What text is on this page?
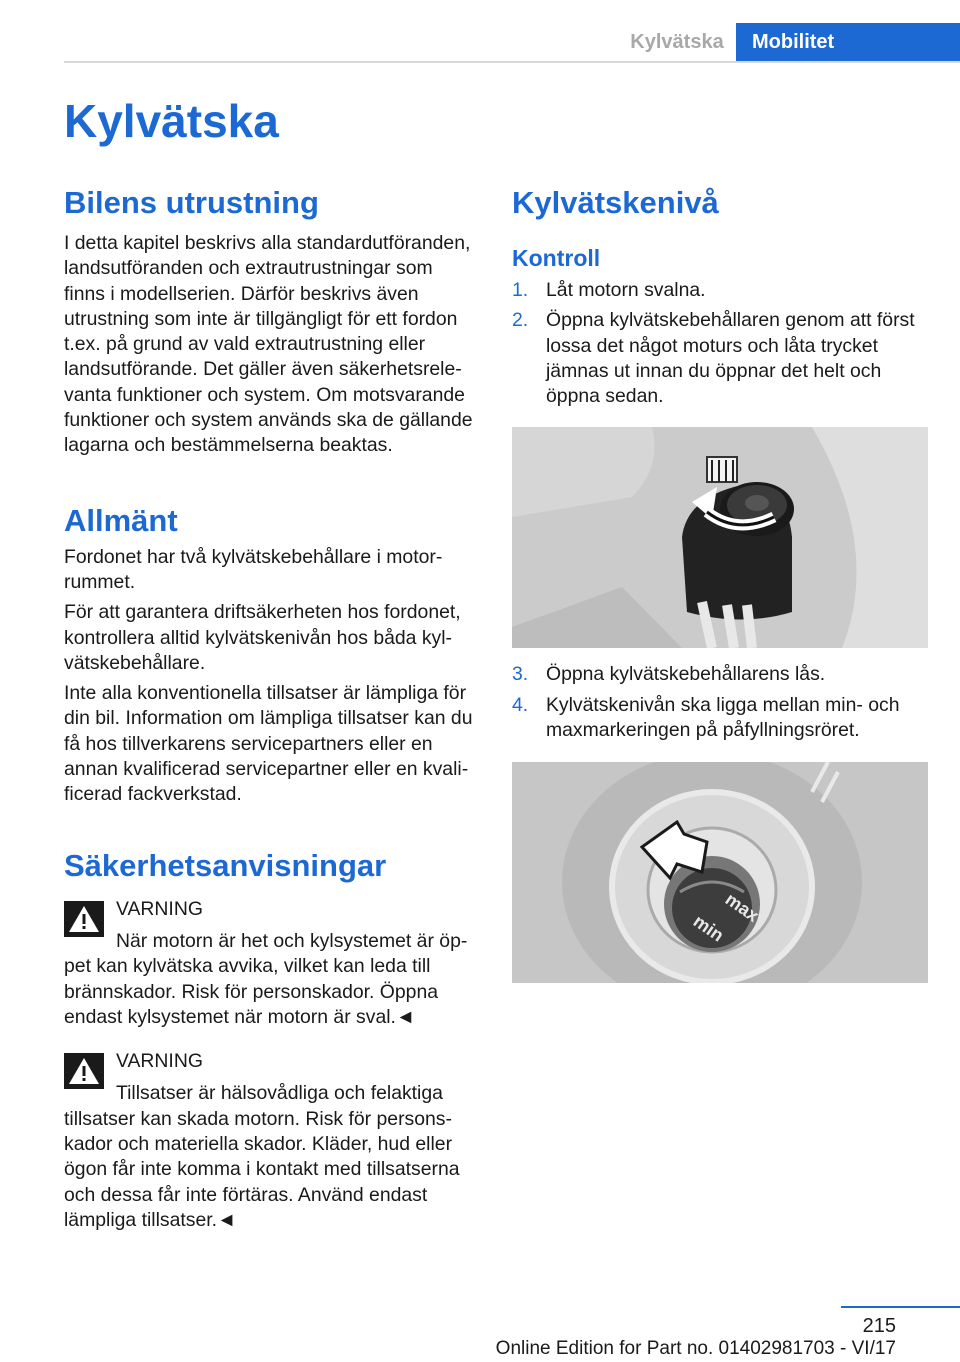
Kylvätska	Mobilitet
Kylvätska
Bilens utrustning

I detta kapitel beskrivs alla standardutföranden, landsutföranden och extrautrustningar som finns i modellserien. Därför beskrivs även utrustning som inte är tillgängligt för ett fordon t.ex. på grund av vald extrautrustning eller landsutförande. Det gäller även säkerhetsrelevanta funktioner och system. Om motsvarande funktioner och system används ska de gällande lagarna och bestämmelserna beaktas.

Allmänt

Fordonet har två kylvätskebehållare i motorrummet.

För att garantera driftsäkerheten hos fordonet, kontrollera alltid kylvätskenivån hos båda kylvätskebehållare.

Inte alla konventionella tillsatser är lämpliga för din bil. Information om lämpliga tillsatser kan du få hos tillverkarens servicepartners eller en annan kvalificerad servicepartner eller en kvalificerad fackverkstad.

Säkerhetsanvisningar
VARNING

När motorn är het och kylsystemet är öppet kan kylvätska avvika, vilket kan leda till brännskador. Risk för personskador. Öppna endast kylsystemet när motorn är sval.◄

VARNING

Tillsatser är hälsovådliga och felaktiga tillsatser kan skada motorn. Risk för personskador och materiella skador. Kläder, hud eller ögon får inte komma i kontakt med tillsatserna och dessa får inte förtäras. Använd endast lämpliga tillsatser.◄

Kylvätskenivå
Kontroll
1. Låt motorn svalna.
2. Öppna kylvätskebehållaren genom att först lossa det något moturs och låta trycket jämnas ut innan du öppnar det helt och öppna sedan.
3. Öppna kylvätskebehållarens lås.
4. Kylvätskenivån ska ligga mellan min- och maxmarkeringen på påfyllningsröret.
max
min
215
Online Edition for Part no. 01402981703 - VI/17
